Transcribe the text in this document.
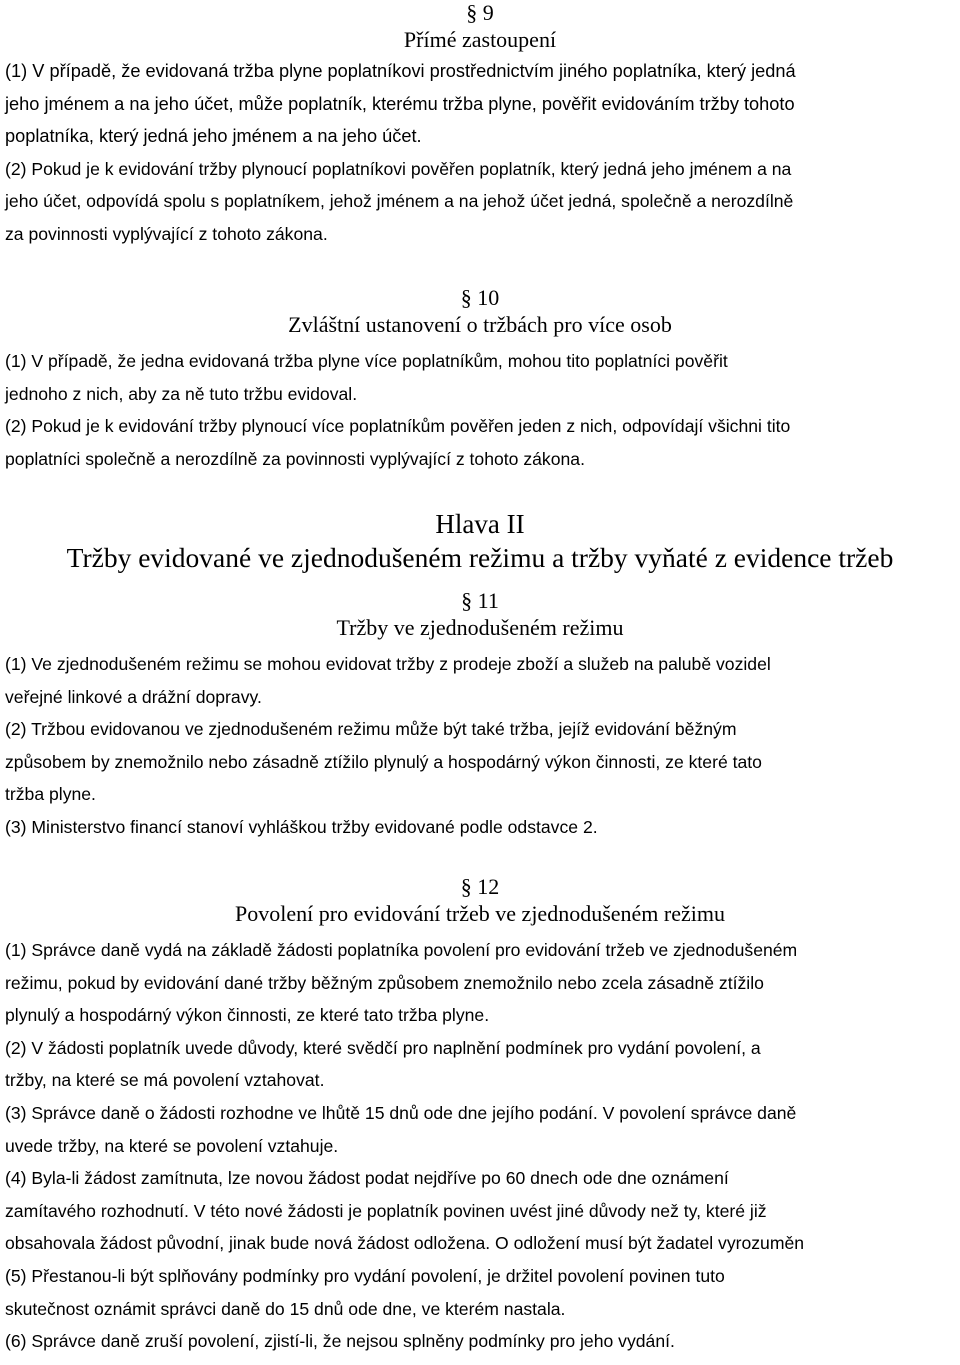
§ 9
Přímé zastoupení

(1) V případě, že evidovaná tržba plyne poplatníkovi prostřednictvím jiného poplatníka, který jedná
jeho jménem a na jeho účet, může poplatník, kterému tržba plyne, pověřit evidováním tržby tohoto
poplatníka, který jedná jeho jménem a na jeho účet.

(2) Pokud je k evidování tržby plynoucí poplatníkovi pověřen poplatník, který jedná jeho jménem a na
jeho účet, odpovídá spolu s poplatníkem, jehož jménem a na jehož účet jedná, společně a nerozdílně
za povinnosti vyplývající z tohoto zákona.

§ 10
Zvláštní ustanovení o tržbách pro více osob

(1) V případě, že jedna evidovaná tržba plyne více poplatníkům, mohou tito poplatníci pověřit
jednoho z nich, aby za ně tuto tržbu evidoval.

(2) Pokud je k evidování tržby plynoucí více poplatníkům pověřen jeden z nich, odpovídají všichni tito
poplatníci společně a nerozdílně za povinnosti vyplývající z tohoto zákona.

Hlava II
Tržby evidované ve zjednodušeném režimu a tržby vyňaté z evidence tržeb
§ 11
Tržby ve zjednodušeném režimu

(1) Ve zjednodušeném režimu se mohou evidovat tržby z prodeje zboží a služeb na palubě vozidel
veřejné linkové a drážní dopravy.

(2) Tržbou evidovanou ve zjednodušeném režimu může být také tržba, jejíž evidování běžným
způsobem by znemožnilo nebo zásadně ztížilo plynulý a hospodárný výkon činnosti, ze které tato
tržba plyne.

(3) Ministerstvo financí stanoví vyhláškou tržby evidované podle odstavce 2.

§ 12
Povolení pro evidování tržeb ve zjednodušeném režimu

(1) Správce daně vydá na základě žádosti poplatníka povolení pro evidování tržeb ve zjednodušeném
režimu, pokud by evidování dané tržby běžným způsobem znemožnilo nebo zcela zásadně ztížilo
plynulý a hospodárný výkon činnosti, ze které tato tržba plyne.

(2) V žádosti poplatník uvede důvody, které svědčí pro naplnění podmínek pro vydání povolení, a
tržby, na které se má povolení vztahovat.

(3) Správce daně o žádosti rozhodne ve lhůtě 15 dnů ode dne jejího podání. V povolení správce daně
uvede tržby, na které se povolení vztahuje.

(4) Byla-li žádost zamítnuta, lze novou žádost podat nejdříve po 60 dnech ode dne oznámení
zamítavého rozhodnutí. V této nové žádosti je poplatník povinen uvést jiné důvody než ty, které již
obsahovala žádost původní, jinak bude nová žádost odložena. O odložení musí být žadatel vyrozuměn

(5) Přestanou-li být splňovány podmínky pro vydání povolení, je držitel povolení povinen tuto
skutečnost oznámit správci daně do 15 dnů ode dne, ve kterém nastala.

(6) Správce daně zruší povolení, zjistí-li, že nejsou splněny podmínky pro jeho vydání.
